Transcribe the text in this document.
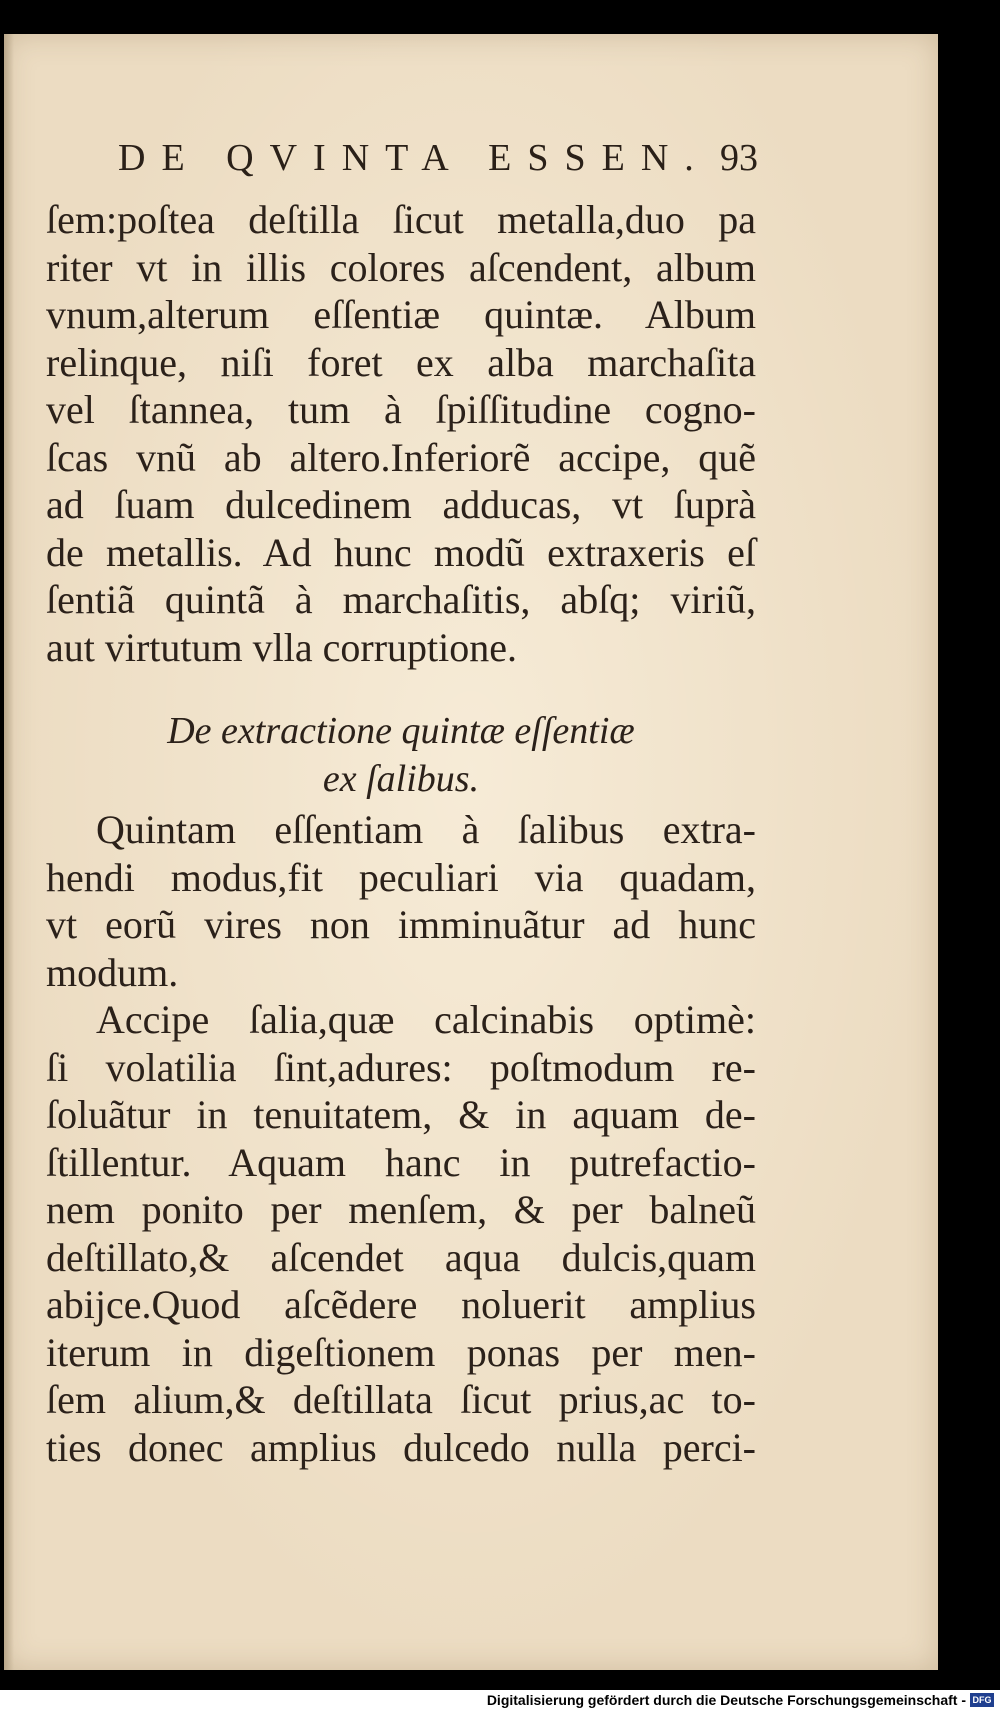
DE QVINTA ESSEN. 93
ſem:poſtea deſtilla ſicut metalla,duo pa
riter vt in illis colores aſcendent, album
vnum,alterum eſſentiæ quintæ. Album
relinque, niſi foret ex alba marchaſita
vel ſtannea, tum à ſpiſſitudine cogno-
ſcas vnũ ab altero.Inferiorẽ accipe, quẽ
ad ſuam dulcedinem adducas, vt ſuprà
de metallis. Ad hunc modũ extraxeris eſ
ſentiã quintã à marchaſitis, abſq; viriũ,
aut virtutum vlla corruptione.
De extractione quintæ eſſentiæ
ex ſalibus.
Quintam eſſentiam à ſalibus extra-
hendi modus,fit peculiari via quadam,
vt eorũ vires non imminuãtur ad hunc
modum.
Accipe ſalia,quæ calcinabis optimè:
ſi volatilia ſint,adures: poſtmodum re-
ſoluãtur in tenuitatem, & in aquam de-
ſtillentur. Aquam hanc in putrefactio-
nem ponito per menſem, & per balneũ
deſtillato,& aſcendet aqua dulcis,quam
abijce.Quod aſcẽdere noluerit amplius
iterum in digeſtionem ponas per men-
ſem alium,& deſtillata ſicut prius,ac to-
ties donec amplius dulcedo nulla perci-
Digitalisierung gefördert durch die Deutsche Forschungsgemeinschaft - DFG
